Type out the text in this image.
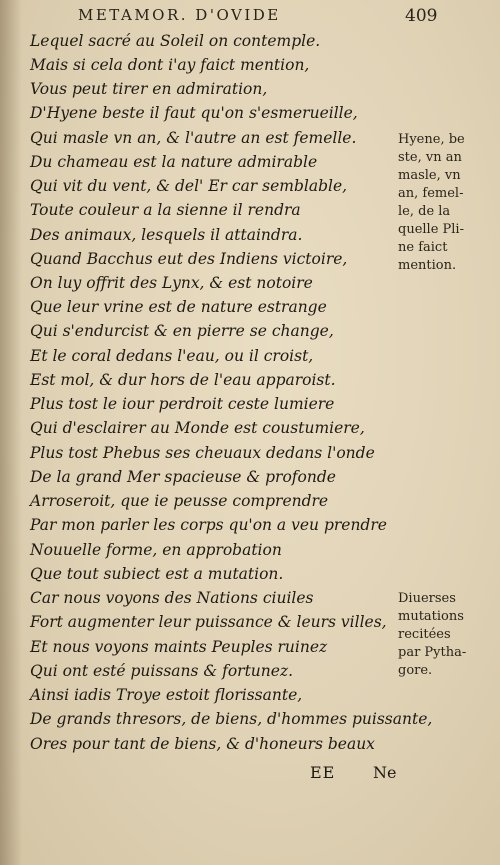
METAMOR. D'OVIDE	409
Lequel sacré au Soleil on contemple.
Mais si cela dont i'ay faict mention,
Vous peut tirer en admiration,
D'Hyene beste il faut qu'on s'esmerueille,
Qui masle vn an, & l'autre an est femelle.
Du chameau est la nature admirable
Qui vit du vent, & del' Er car semblable,
Toute couleur a la sienne il rendra
Des animaux, lesquels il attaindra.
Quand Bacchus eut des Indiens victoire,
On luy offrit des Lynx, & est notoire
Que leur vrine est de nature estrange
Qui s'endurcist & en pierre se change,
Et le coral dedans l'eau, ou il croist,
Est mol, & dur hors de l'eau apparoist.
Plus tost le iour perdroit ceste lumiere
Qui d'esclairer au Monde est coustumiere,
Plus tost Phebus ses cheuaux dedans l'onde
De la grand Mer spacieuse & profonde
Arroseroit, que ie peusse comprendre
Par mon parler les corps qu'on a veu prendre
Nouuelle forme, en approbation
Que tout subiect est a mutation.
Car nous voyons des Nations ciuiles
Fort augmenter leur puissance & leurs villes,
Et nous voyons maints Peuples ruinez
Qui ont esté puissans & fortunez.
Ainsi iadis Troye estoit florissante,
De grands thresors, de biens, d'hommes puissante,
Ores pour tant de biens, & d'honeurs beaux
Hyene, be
ste, vn an
masle, vn
an, femel-
le, de la
quelle Pli-
ne faict
mention.
Diuerses
mutations
recitées
par Pytha-
gore.
EE Ne
